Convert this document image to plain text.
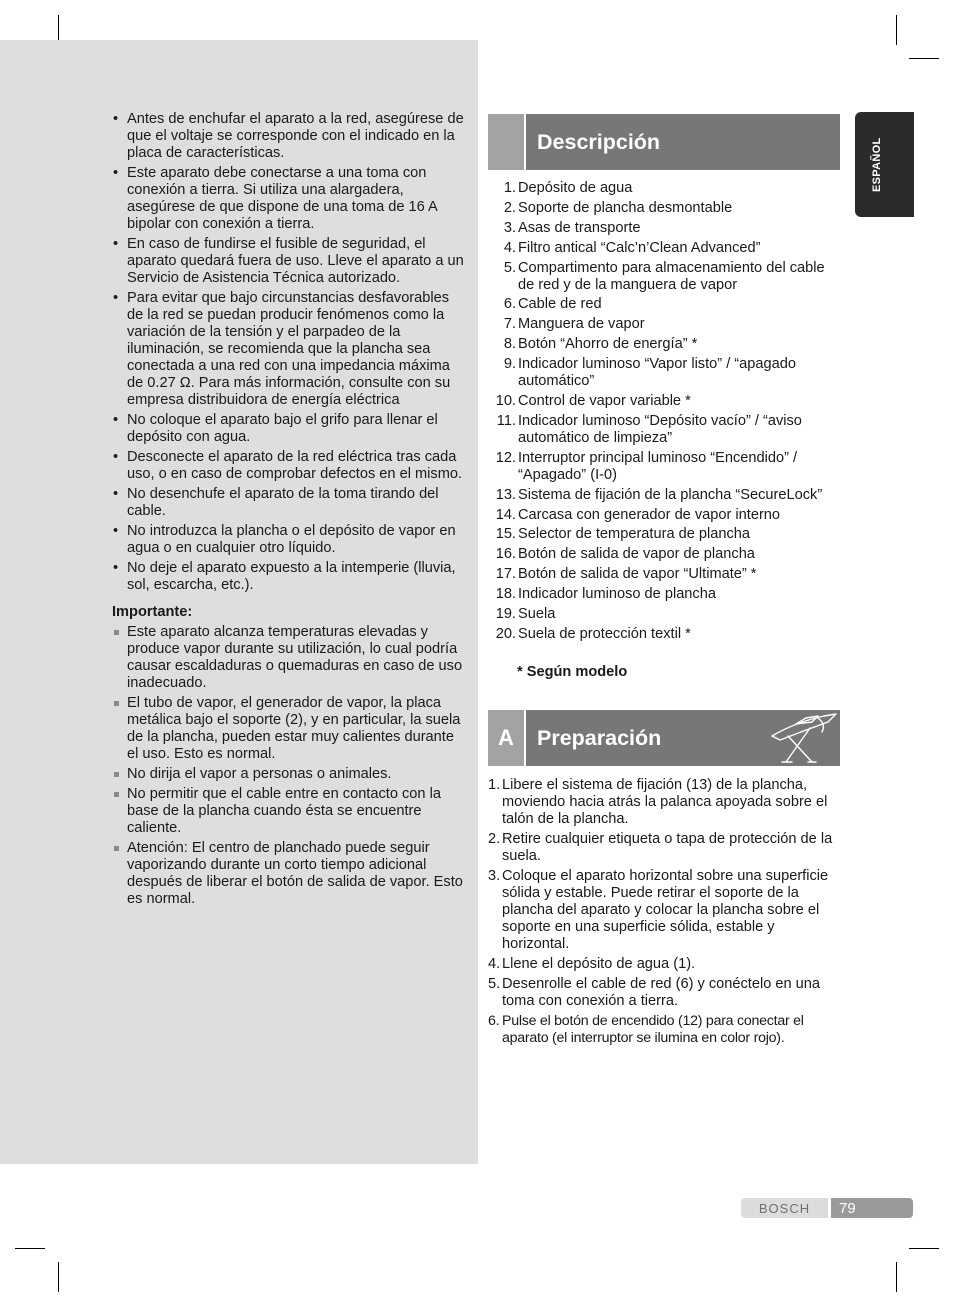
• Antes de enchufar el aparato a la red, asegúrese de que el voltaje se corresponde con el indicado en la placa de características.
• Este aparato debe conectarse a una toma con conexión a tierra. Si utiliza una alargadera, asegúrese de que dispone de una toma de 16 A bipolar con conexión a tierra.
• En caso de fundirse el fusible de seguridad, el aparato quedará fuera de uso. Lleve el aparato a un Servicio de Asistencia Técnica autorizado.
• Para evitar que bajo circunstancias desfavorables de la red se puedan producir fenómenos como la variación de la tensión y el parpadeo de la iluminación, se recomienda que la plancha sea conectada a una red con una impedancia máxima de 0.27 Ω. Para más información, consulte con su empresa distribuidora de energía eléctrica
• No coloque el aparato bajo el grifo para llenar el depósito con agua.
• Desconecte el aparato de la red eléctrica tras cada uso, o en caso de comprobar defectos en el mismo.
• No desenchufe el aparato de la toma tirando del cable.
• No introduzca la plancha o el depósito de vapor en agua o en cualquier otro líquido.
• No deje el aparato expuesto a la intemperie (lluvia, sol, escarcha, etc.).
Importante:
Este aparato alcanza temperaturas elevadas y produce vapor durante su utilización, lo cual podría causar escaldaduras o quemaduras en caso de uso inadecuado.
El tubo de vapor, el generador de vapor, la placa metálica bajo el soporte (2), y en particular, la suela de la plancha, pueden estar muy calientes durante el uso. Esto es normal.
No dirija el vapor a personas o animales.
No permitir que el cable entre en contacto con la base de la plancha cuando ésta se encuentre caliente.
Atención: El centro de planchado puede seguir vaporizando durante un corto tiempo adicional después de liberar el botón de salida de vapor. Esto es normal.
Descripción
1. Depósito de agua
2. Soporte de plancha desmontable
3. Asas de transporte
4. Filtro antical “Calc’n’Clean Advanced”
5. Compartimento para almacenamiento del cable de red y de la manguera de vapor
6. Cable de red
7. Manguera de vapor
8. Botón “Ahorro de energía” *
9. Indicador luminoso “Vapor listo” / “apagado automático”
10. Control de vapor variable *
11. Indicador luminoso “Depósito vacío” / “aviso automático de limpieza”
12. Interruptor principal luminoso “Encendido” / “Apagado” (I-0)
13. Sistema de fijación de la plancha “SecureLock”
14. Carcasa con generador de vapor interno
15. Selector de temperatura de plancha
16. Botón de salida de vapor de plancha
17. Botón de salida de vapor “Ultimate” *
18. Indicador luminoso de plancha
19. Suela
20. Suela de protección textil *
* Según modelo
A	Preparación
1. Libere el sistema de fijación (13) de la plancha, moviendo hacia atrás la palanca apoyada sobre el talón de la plancha.
2. Retire cualquier etiqueta o tapa de protección de la suela.
3. Coloque el aparato horizontal sobre una superficie sólida y estable. Puede retirar el soporte de la plancha del aparato y colocar la plancha sobre el soporte en una superficie sólida, estable y horizontal.
4. Llene el depósito de agua (1).
5. Desenrolle el cable de red (6) y conéctelo en una toma con conexión a tierra.
6. Pulse el botón de encendido (12) para conectar el aparato (el interruptor se ilumina en color rojo).
ESPAÑOL
BOSCH	79
